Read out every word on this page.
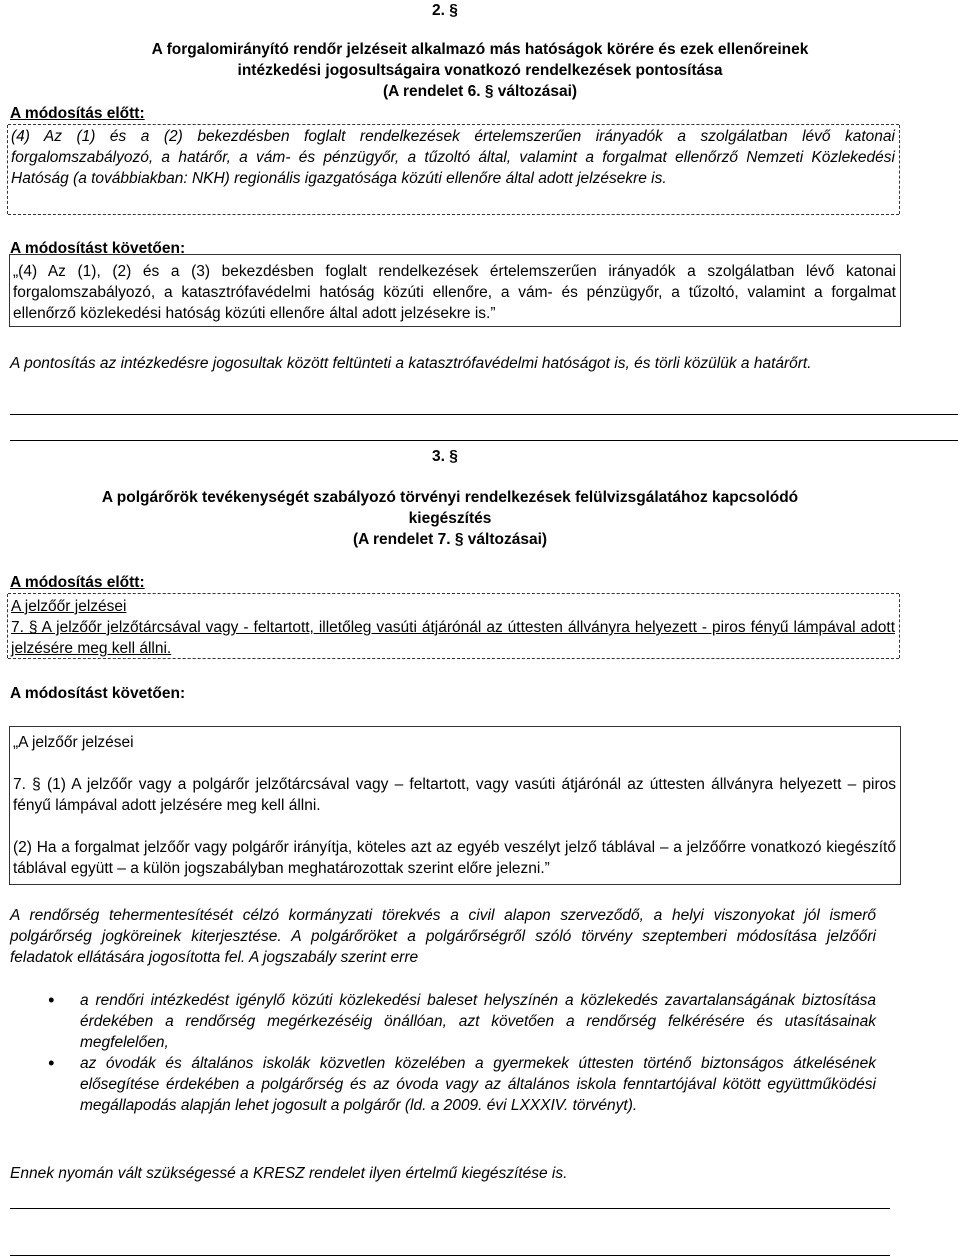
2. §
A forgalomirányító rendőr jelzéseit alkalmazó más hatóságok körére és ezek ellenőreinek
intézkedési jogosultságaira vonatkozó rendelkezések pontosítása
(A rendelet 6. § változásai)
A módosítás előtt:

(4) Az (1) és a (2) bekezdésben foglalt rendelkezések értelemszerűen irányadók a szolgálatban lévő katonai forgalomszabályozó, a határőr, a vám- és pénzügyőr, a tűzoltó által, valamint a forgalmat ellenőrző Nemzeti Közlekedési Hatóság (a továbbiakban: NKH) regionális igazgatósága közúti ellenőre által adott jelzésekre is.

A módosítást követően:

„(4) Az (1), (2) és a (3) bekezdésben foglalt rendelkezések értelemszerűen irányadók a szolgálatban lévő katonai forgalomszabályozó, a katasztrófavédelmi hatóság közúti ellenőre, a vám- és pénzügyőr, a tűzoltó, valamint a forgalmat ellenőrző közlekedési hatóság közúti ellenőre által adott jelzésekre is.”

A pontosítás az intézkedésre jogosultak között feltünteti a katasztrófavédelmi hatóságot is, és törli közülük a határőrt.

3. §
A polgárőrök tevékenységét szabályozó törvényi rendelkezések felülvizsgálatához kapcsolódó
kiegészítés
(A rendelet 7. § változásai)
A módosítás előtt:

A jelzőőr jelzései

7. § A jelzőőr jelzőtárcsával vagy - feltartott, illetőleg vasúti átjárónál az úttesten állványra helyezett - piros fényű lámpával adott jelzésére meg kell állni.

A módosítást követően:

„A jelzőőr jelzései

7. § (1) A jelzőőr vagy a polgárőr jelzőtárcsával vagy – feltartott, vagy vasúti átjárónál az úttesten állványra helyezett – piros fényű lámpával adott jelzésére meg kell állni.

(2) Ha a forgalmat jelzőőr vagy polgárőr irányítja, köteles azt az egyéb veszélyt jelző táblával – a jelzőőrre vonatkozó kiegészítő táblával együtt – a külön jogszabályban meghatározottak szerint előre jelezni.”

A rendőrség tehermentesítését célzó kormányzati törekvés a civil alapon szerveződő, a helyi viszonyokat jól ismerő polgárőrség jogköreinek kiterjesztése. A polgárőröket a polgárőrségről szóló törvény szeptemberi módosítása jelzőőri feladatok ellátására jogosította fel. A jogszabály szerint erre

• a rendőri intézkedést igénylő közúti közlekedési baleset helyszínén a közlekedés zavartalanságának biztosítása érdekében a rendőrség megérkezéséig önállóan, azt követően a rendőrség felkérésére és utasításainak megfelelően,
• az óvodák és általános iskolák közvetlen közelében a gyermekek úttesten történő biztonságos átkelésének elősegítése érdekében a polgárőrség és az óvoda vagy az általános iskola fenntartójával kötött együttműködési megállapodás alapján lehet jogosult a polgárőr (ld. a 2009. évi LXXXIV. törvényt).

Ennek nyomán vált szükségessé a KRESZ rendelet ilyen értelmű kiegészítése is.
